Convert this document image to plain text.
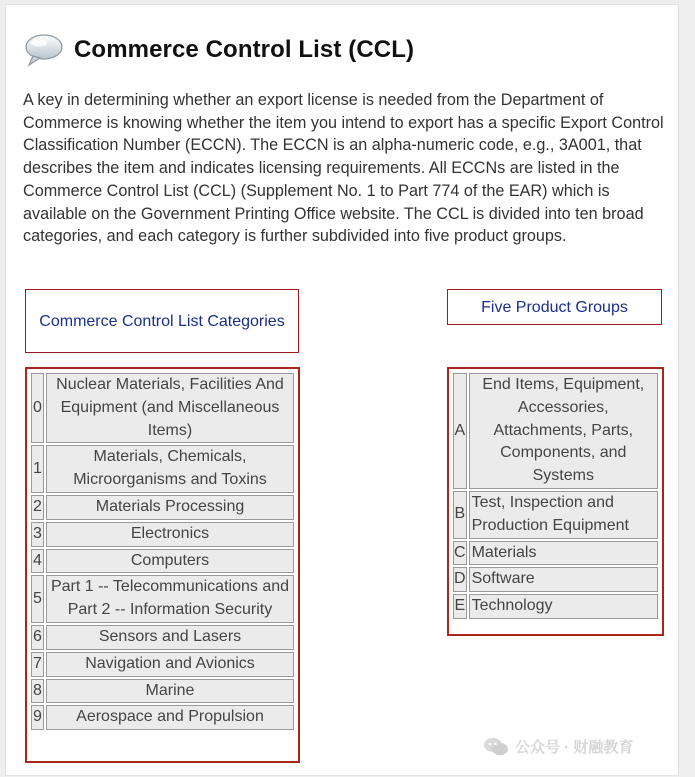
Commerce Control List (CCL)
A key in determining whether an export license is needed from the Department of Commerce is knowing whether the item you intend to export has a specific Export Control Classification Number (ECCN). The ECCN is an alpha-numeric code, e.g., 3A001, that describes the item and indicates licensing requirements. All ECCNs are listed in the Commerce Control List (CCL) (Supplement No. 1 to Part 774 of the EAR) which is available on the Government Printing Office website. The CCL is divided into ten broad categories, and each category is further subdivided into five product groups.
Commerce Control List Categories
Five Product Groups
0	Nuclear Materials, Facilities And Equipment (and Miscellaneous Items)
1	Materials, Chemicals, Microorganisms and Toxins
2	Materials Processing
3	Electronics
4	Computers
5	Part 1 -- Telecommunications and Part 2 -- Information Security
6	Sensors and Lasers
7	Navigation and Avionics
8	Marine
9	Aerospace and Propulsion
A	End Items, Equipment, Accessories, Attachments, Parts, Components, and Systems
B	Test, Inspection and Production Equipment
C	Materials
D	Software
E	Technology
公众号 · 财融教育
